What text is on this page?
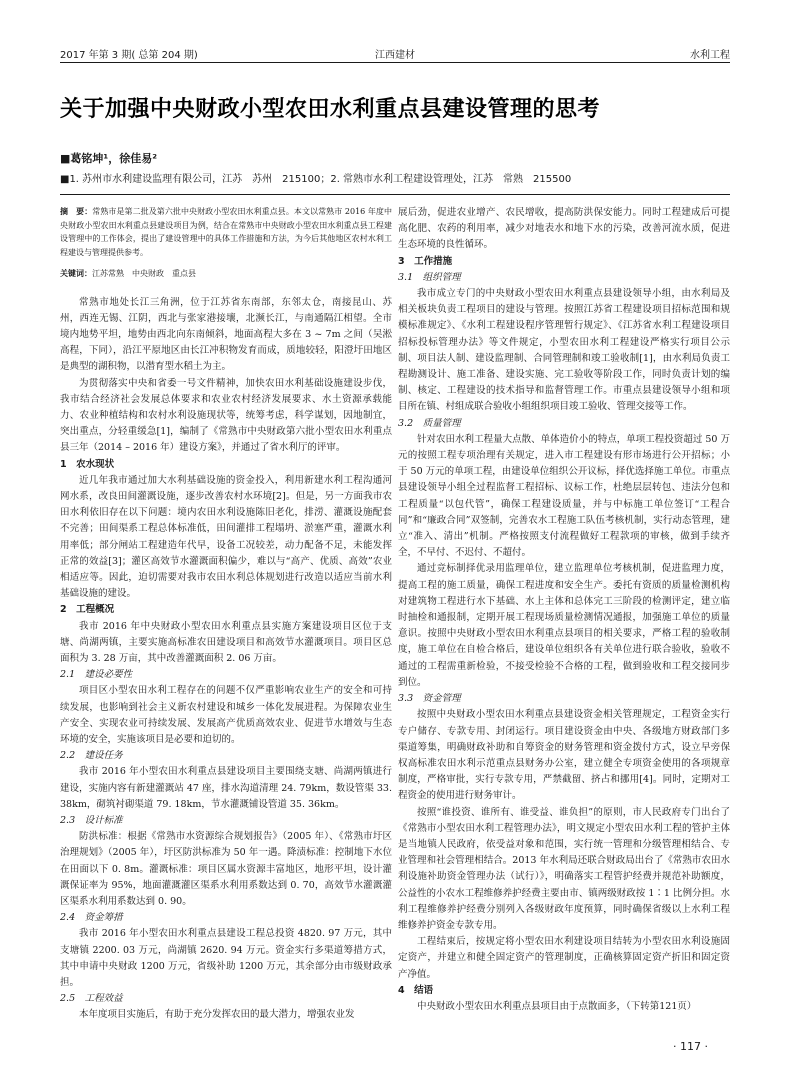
2017 年第 3 期( 总第 204 期)	江西建材	水利工程
关于加强中央财政小型农田水利重点县建设管理的思考
■葛铭坤¹，徐佳易²
■1. 苏州市水利建设监理有限公司，江苏　苏州　215100；2. 常熟市水利工程建设管理处，江苏　常熟　215500
摘　要：常熟市是第二批及第六批中央财政小型农田水利重点县。本文以常熟市 2016 年度中央财政小型农田水利重点县建设项目为例，结合在常熟市中央财政小型农田水利重点县工程建设管理中的工作体会，提出了建设管理中的具体工作措施和方法，为今后其他地区农村水利工程建设与管理提供参考。
关键词：江苏常熟　中央财政　重点县

常熟市地处长江三角洲，位于江苏省东南部，东邻太仓，南接昆山、苏州，西连无锡、江阴，西北与张家港接壤，北濒长江，与南通隔江相望。全市境内地势平坦，地势由西北向东南倾斜，地面高程大多在 3 ~ 7m 之间（吴淞高程，下同），沿江平原地区由长江冲积物发育而成，质地较轻，阳澄圩田地区是典型的湖积物，以潜育型水稻土为主。

为贯彻落实中央和省委一号文件精神，加快农田水利基础设施建设步伐，我市结合经济社会发展总体要求和农业农村经济发展要求、水土资源承载能力、农业种植结构和农村水利设施现状等，统筹考虑，科学谋划，因地制宜，突出重点，分轻重缓急[1]，编制了《常熟市中央财政第六批小型农田水利重点县三年（2014 – 2016 年）建设方案》，并通过了省水利厅的评审。

1　农水现状

近几年我市通过加大水利基础设施的资金投入，利用新建水利工程沟通河网水系，改良田间灌溉设施，逐步改善农村水环境[2]。但是，另一方面我市农田水利依旧存在以下问题：境内农田水利设施陈旧老化，排涝、灌溉设施配套不完善；田间渠系工程总体标准低，田间灌排工程塌坍、淤塞严重，灌溉水利用率低；部分闸站工程建造年代早，设备工况较差，动力配备不足，未能发挥正常的效益[3]；灌区高效节水灌溉面积偏少，难以与“高产、优质、高效”农业相适应等。因此，迫切需要对我市农田水利总体规划进行改造以适应当前水利基础设施的建设。

2　工程概况

我市 2016 年中央财政小型农田水利重点县实施方案建设项目区位于支塘、尚湖两镇，主要实施高标准农田建设项目和高效节水灌溉项目。项目区总面积为 3. 28 万亩，其中改善灌溉面积 2. 06 万亩。

2.1　建设必要性

项目区小型农田水利工程存在的问题不仅严重影响农业生产的安全和可持续发展，也影响到社会主义新农村建设和城乡一体化发展进程。为保障农业生产安全、实现农业可持续发展、发展高产优质高效农业、促进节水增效与生态环境的安全，实施该项目是必要和迫切的。

2.2　建设任务

我市 2016 年小型农田水利重点县建设项目主要围绕支塘、尚湖两镇进行建设，实施内容有新建灌溉站 47 座，排水沟道清理 24. 79km，数设管渠 33. 38km，砌筑衬砌渠道 79. 18km，节水灌溉铺设管道 35. 36km。

2.3　设计标准

防洪标准：根据《常熟市水资源综合规划报告》（2005 年）、《常熟市圩区治理规划》（2005 年），圩区防洪标准为 50 年一遇。降渍标准：控制地下水位在田面以下 0. 8m。灌溉标准：项目区属水资源丰富地区，地形平坦，设计灌溉保证率为 95%，地面灌溉灌区渠系水利用系数达到 0. 70，高效节水灌溉灌区渠系水利用系数达到 0. 90。

2.4　资金筹措

我市 2016 年小型农田水利重点县建设工程总投资 4820. 97 万元，其中支塘镇 2200. 03 万元，尚湖镇 2620. 94 万元。资金实行多渠道筹措方式，其中申请中央财政 1200 万元，省级补助 1200 万元，其余部分由市级财政承担。

2.5　工程效益

本年度项目实施后，有助于充分发挥农田的最大潜力，增强农业发

展后劲，促进农业增产、农民增收，提高防洪保安能力。同时工程建成后可提高化肥、农药的利用率，减少对地表水和地下水的污染，改善河流水质，促进生态环境的良性循环。

3　工作措施
3.1　组织管理

我市成立专门的中央财政小型农田水利重点县建设领导小组，由水利局及相关板块负责工程项目的建设与管理。按照江苏省工程建设项目招标范围和规模标准规定》、《水利工程建设程序管理暂行规定》、《江苏省水利工程建设项目招标投标管理办法》等文件规定，小型农田水利工程建设严格实行项目公示制、项目法人制、建设监理制、合同管理制和竣工验收制[1]，由水利局负责工程勘测设计、施工准备、建设实施、完工验收等阶段工作，同时负责计划的编制、核定、工程建设的技术指导和监督管理工作。市重点县建设领导小组和项目所在镇、村组成联合验收小组组织项目竣工验收、管理交接等工作。

3.2　质量管理

针对农田水利工程量大点散、单体造价小的特点，单项工程投资超过 50 万元的按照工程专项治理有关规定，进入市工程建设有形市场进行公开招标；小于 50 万元的单项工程，由建设单位组织公开议标，择优选择施工单位。市重点县建设领导小组全过程监督工程招标、议标工作，杜绝层层转包、违法分包和工程质量“以包代管”，确保工程建设质量，并与中标施工单位签订“工程合同”和“廉政合同”双签制，完善农水工程施工队伍考核机制，实行动态管理，建立“准入、清出”机制。严格按照支付流程做好工程款项的审核，做到手续齐全，不早付、不迟付、不超付。

通过竞标制择优录用监理单位，建立监理单位考核机制，促进监理力度，提高工程的施工质量，确保工程进度和安全生产。委托有资质的质量检测机构对建筑物工程进行水下基础、水上主体和总体完工三阶段的检测评定，建立临时抽检和通报制，定期开展工程现场质量检测情况通报，加强施工单位的质量意识。按照中央财政小型农田水利重点县项目的相关要求，严格工程的验收制度，施工单位在自检合格后，建设单位组织各有关单位进行联合验收，验收不通过的工程需重新检验，不接受检验不合格的工程，做到验收和工程交接同步到位。

3.3　资金管理

按照中央财政小型农田水利重点县建设资金相关管理规定，工程资金实行专户储存、专款专用、封闭运行。项目建设资金由中央、各级地方财政部门多渠道筹集，明确财政补助和自筹资金的财务管理和资金拨付方式，设立早旁保权高标准农田水利示范重点县财务办公室，建立健全专项资金使用的各项规章制度，严格审批，实行专款专用，严禁截留、挤占和挪用[4]。同时，定期对工程资金的使用进行财务审计。

按照“谁投资、谁所有、谁受益、谁负担”的原则，市人民政府专门出台了《常熟市小型农田水利工程管理办法》，明文规定小型农田水利工程的管护主体是当地镇人民政府，依受益对象和范围，实行统一管理和分级管理相结合、专业管理和社会管理相结合。2013 年水利局还联合财政局出台了《常熟市农田水利设施补助资金管理办法（试行）》，明确落实工程管护经费并规范补助额度，公益性的小农水工程维修养护经费主要由市、镇两级财政按 1∶1 比例分担。水利工程维修养护经费分别列入各级财政年度预算，同时确保省级以上水利工程维修养护资金专款专用。

工程结束后，按规定将小型农田水利建设项目结转为小型农田水利设施固定资产，并建立和健全固定资产的管理制度，正确核算固定资产折旧和固定资产净值。

4　结语

中央财政小型农田水利重点县项目由于点散面多，（下转第121页）

· 117 ·
